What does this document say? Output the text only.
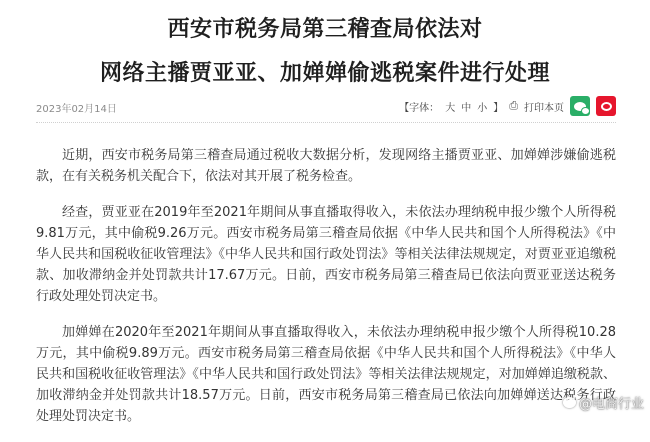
西安市税务局第三稽查局依法对
网络主播贾亚亚、加婵婵偷逃税案件进行处理
2023年02月14日	【字体： 大 中 小 】 ⎙ 打印本页

近期，西安市税务局第三稽查局通过税收大数据分析，发现网络主播贾亚亚、加婵婵涉嫌偷逃税款，在有关税务机关配合下，依法对其开展了税务检查。

经查，贾亚亚在2019年至2021年期间从事直播取得收入，未依法办理纳税申报少缴个人所得税9.81万元，其中偷税9.26万元。西安市税务局第三稽查局依据《中华人民共和国个人所得税法》《中华人民共和国税收征收管理法》《中华人民共和国行政处罚法》等相关法律法规规定，对贾亚亚追缴税款、加收滞纳金并处罚款共计17.67万元。日前，西安市税务局第三稽查局已依法向贾亚亚送达税务行政处理处罚决定书。

加婵婵在2020年至2021年期间从事直播取得收入，未依法办理纳税申报少缴个人所得税10.28万元，其中偷税9.89万元。西安市税务局第三稽查局依据《中华人民共和国个人所得税法》《中华人民共和国税收征收管理法》《中华人民共和国行政处罚法》等相关法律法规规定，对加婵婵追缴税款、加收滞纳金并处罚款共计18.57万元。日前，西安市税务局第三稽查局已依法向加婵婵送达税务行政处理处罚决定书。

@电商行业
